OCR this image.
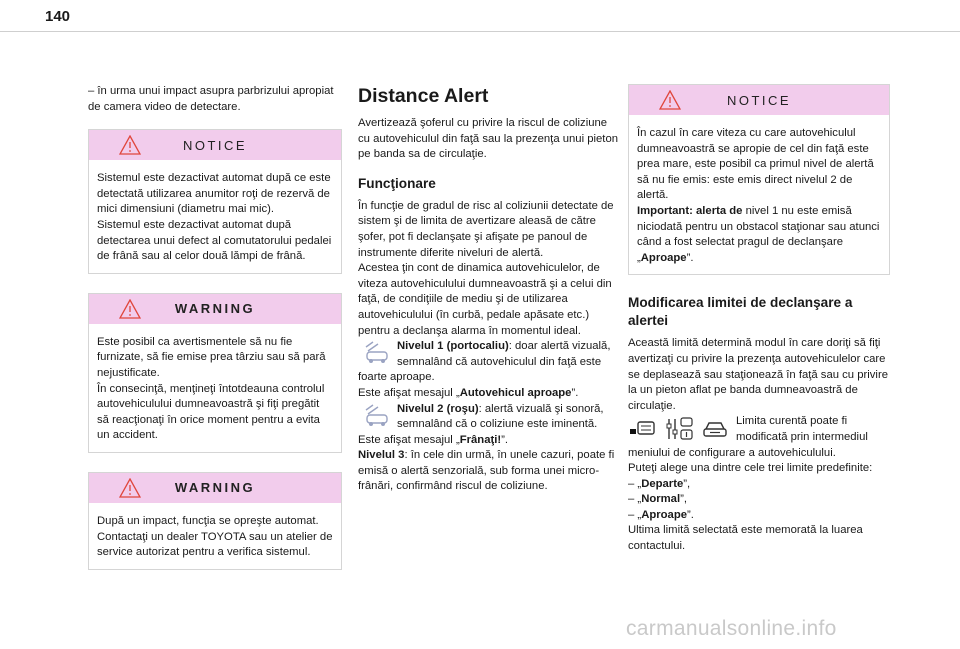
140

– în urma unui impact asupra parbrizului apropiat de camera video de detectare.

NOTICE

Sistemul este dezactivat automat după ce este detectată utilizarea anumitor roţi de rezervă de mici dimensiuni (diametru mai mic).

Sistemul este dezactivat automat după detectarea unui defect al comutatorului pedalei de frână sau al celor două lămpi de frână.

WARNING

Este posibil ca avertismentele să nu fie furnizate, să fie emise prea târziu sau să pară nejustificate.

În consecinţă, menţineţi întotdeauna controlul autovehiculului dumneavoastră şi fiţi pregătit să reacţionaţi în orice moment pentru a evita un accident.

WARNING

După un impact, funcţia se opreşte automat. Contactaţi un dealer TOYOTA sau un atelier de service autorizat pentru a verifica sistemul.

Distance Alert

Avertizează şoferul cu privire la riscul de coliziune cu autovehiculul din faţă sau la prezenţa unui pieton pe banda sa de circulaţie.

Funcţionare

În funcţie de gradul de risc al coliziunii detectate de sistem şi de limita de avertizare aleasă de către şofer, pot fi declanşate şi afişate pe panoul de instrumente diferite niveluri de alertă.

Acestea ţin cont de dinamica autovehiculelor, de viteza autovehiculului dumneavoastră şi a celui din faţă, de condiţiile de mediu şi de utilizarea autovehiculului (în curbă, pedale apăsate etc.) pentru a declanşa alarma în momentul ideal.

Nivelul 1 (portocaliu): doar alertă vizuală, semnalând că autovehiculul din faţă este foarte aproape.

Este afişat mesajul „Autovehicul aproape”.

Nivelul 2 (roşu): alertă vizuală şi sonoră, semnalând că o coliziune este iminentă.

Este afişat mesajul „Frânaţi!”.

Nivelul 3: în cele din urmă, în unele cazuri, poate fi emisă o alertă senzorială, sub forma unei micro-frânări, confirmând riscul de coliziune.

NOTICE

În cazul în care viteza cu care autovehiculul dumneavoastră se apropie de cel din faţă este prea mare, este posibil ca primul nivel de alertă să nu fie emis: este emis direct nivelul 2 de alertă.

Important: alerta de nivel 1 nu este emisă niciodată pentru un obstacol staţionar sau atunci când a fost selectat pragul de declanşare „Aproape”.

Modificarea limitei de declanşare a alertei

Această limită determină modul în care doriţi să fiţi avertizaţi cu privire la prezenţa autovehiculelor care se deplasează sau staţionează în faţă sau cu privire la un pieton aflat pe banda dumneavoastră de circulaţie.

Limita curentă poate fi modificată prin intermediul meniului de configurare a autovehiculului.

Puteţi alege una dintre cele trei limite predefinite:

– „Departe”,

– „Normal”,

– „Aproape”.

Ultima limită selectată este memorată la luarea contactului.

carmanualsonline.info
